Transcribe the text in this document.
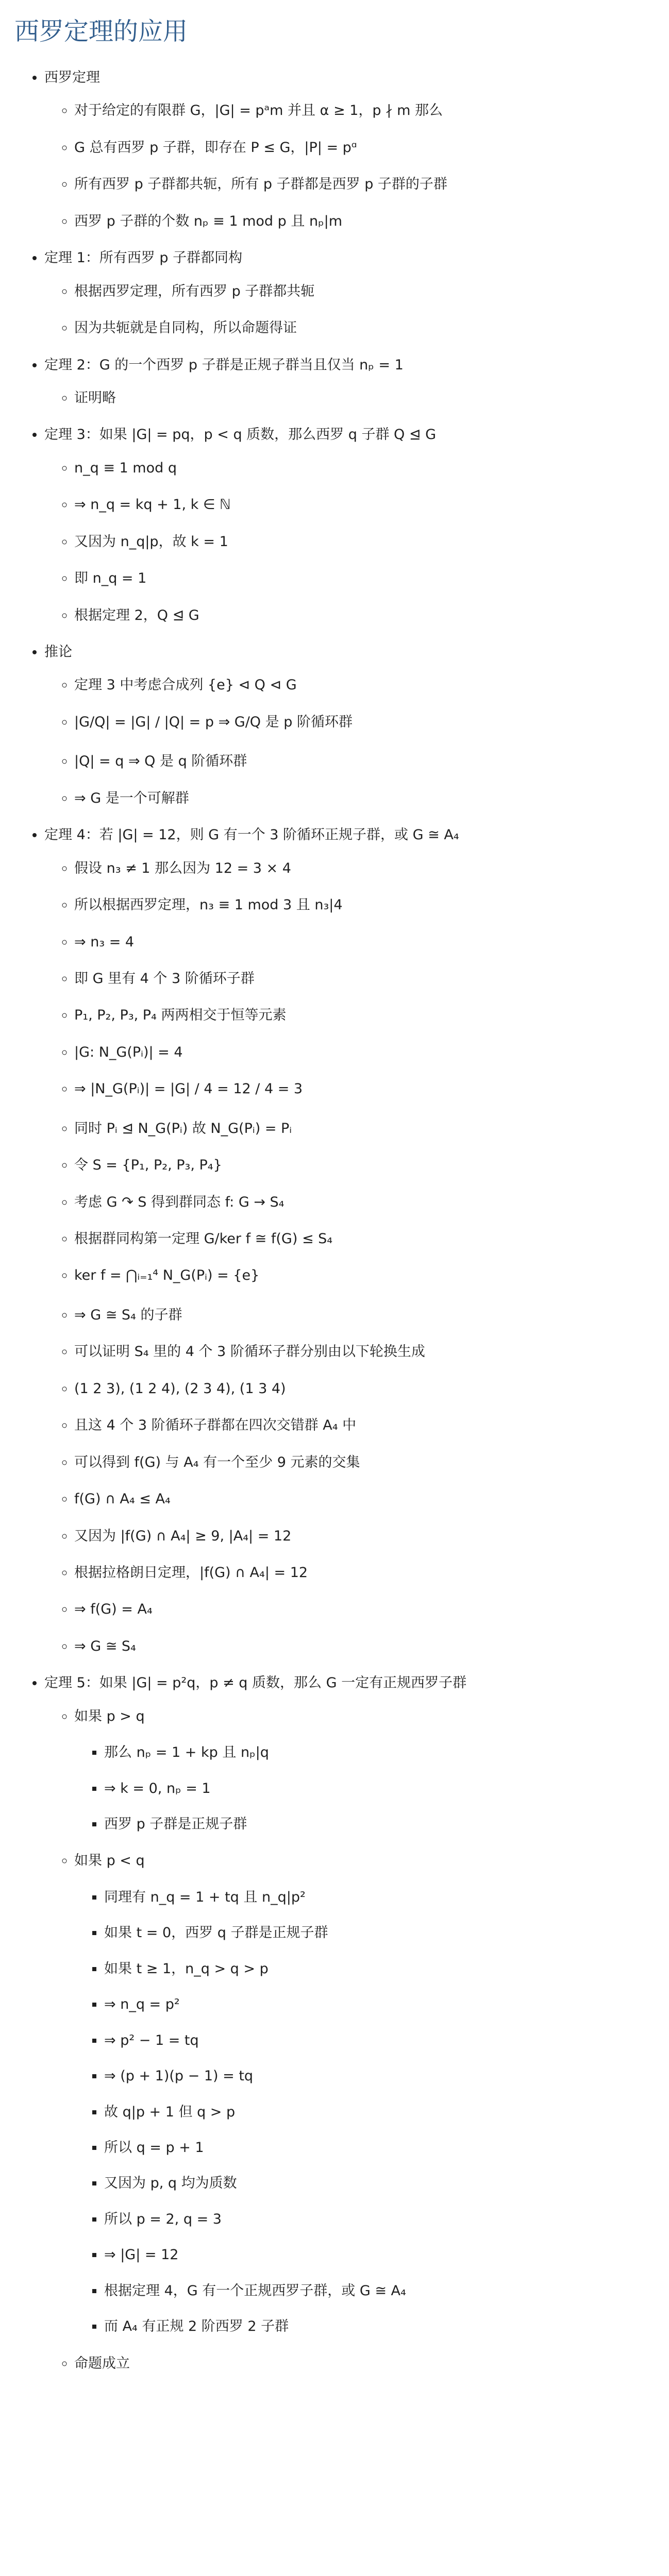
西罗定理的应用
• 西罗定理
◦ 对于给定的有限群 G，|G| = pᵃm 并且 α ≥ 1，p ∤ m 那么
◦ G 总有西罗 p 子群，即存在 P ≤ G，|P| = pᵅ
◦ 所有西罗 p 子群都共轭，所有 p 子群都是西罗 p 子群的子群
◦ 西罗 p 子群的个数 nₚ ≡ 1 mod p 且 nₚ|m
• 定理 1：所有西罗 p 子群都同构
◦ 根据西罗定理，所有西罗 p 子群都共轭
◦ 因为共轭就是自同构，所以命题得证
• 定理 2：G 的一个西罗 p 子群是正规子群当且仅当 nₚ = 1
◦ 证明略
• 定理 3：如果 |G| = pq，p < q 质数，那么西罗 q 子群 Q ⊴ G
◦ n_q ≡ 1 mod q
◦ ⇒ n_q = kq + 1, k ∈ ℕ
◦ 又因为 n_q|p，故 k = 1
◦ 即 n_q = 1
◦ 根据定理 2，Q ⊴ G
• 推论
◦ 定理 3 中考虑合成列 {e} ⊲ Q ⊲ G
◦ |G/Q| = |G| / |Q| = p ⇒ G/Q 是 p 阶循环群
◦ |Q| = q ⇒ Q 是 q 阶循环群
◦ ⇒ G 是一个可解群
• 定理 4：若 |G| = 12，则 G 有一个 3 阶循环正规子群，或 G ≅ A₄
◦ 假设 n₃ ≠ 1 那么因为 12 = 3 × 4
◦ 所以根据西罗定理，n₃ ≡ 1 mod 3 且 n₃|4
◦ ⇒ n₃ = 4
◦ 即 G 里有 4 个 3 阶循环子群
◦ P₁, P₂, P₃, P₄ 两两相交于恒等元素
◦ |G: N_G(Pᵢ)| = 4
◦ ⇒ |N_G(Pᵢ)| = |G| / 4 = 12 / 4 = 3
◦ 同时 Pᵢ ⊴ N_G(Pᵢ) 故 N_G(Pᵢ) = Pᵢ
◦ 令 S = {P₁, P₂, P₃, P₄}
◦ 考虑 G ↷ S 得到群同态 f: G → S₄
◦ 根据群同构第一定理 G/ker f ≅ f(G) ≤ S₄
◦ ker f = ⋂ᵢ₌₁⁴ N_G(Pᵢ) = {e}
◦ ⇒ G ≅ S₄ 的子群
◦ 可以证明 S₄ 里的 4 个 3 阶循环子群分别由以下轮换生成
◦ (1 2 3), (1 2 4), (2 3 4), (1 3 4)
◦ 且这 4 个 3 阶循环子群都在四次交错群 A₄ 中
◦ 可以得到 f(G) 与 A₄ 有一个至少 9 元素的交集
◦ f(G) ∩ A₄ ≤ A₄
◦ 又因为 |f(G) ∩ A₄| ≥ 9, |A₄| = 12
◦ 根据拉格朗日定理，|f(G) ∩ A₄| = 12
◦ ⇒ f(G) = A₄
◦ ⇒ G ≅ S₄
• 定理 5：如果 |G| = p²q，p ≠ q 质数，那么 G 一定有正规西罗子群
◦ 如果 p > q
▪ 那么 nₚ = 1 + kp 且 nₚ|q
▪ ⇒ k = 0, nₚ = 1
▪ 西罗 p 子群是正规子群
◦ 如果 p < q
▪ 同理有 n_q = 1 + tq 且 n_q|p²
▪ 如果 t = 0，西罗 q 子群是正规子群
▪ 如果 t ≥ 1，n_q > q > p
▪ ⇒ n_q = p²
▪ ⇒ p² − 1 = tq
▪ ⇒ (p + 1)(p − 1) = tq
▪ 故 q|p + 1 但 q > p
▪ 所以 q = p + 1
▪ 又因为 p, q 均为质数
▪ 所以 p = 2, q = 3
▪ ⇒ |G| = 12
▪ 根据定理 4，G 有一个正规西罗子群，或 G ≅ A₄
▪ 而 A₄ 有正规 2 阶西罗 2 子群
◦ 命题成立
